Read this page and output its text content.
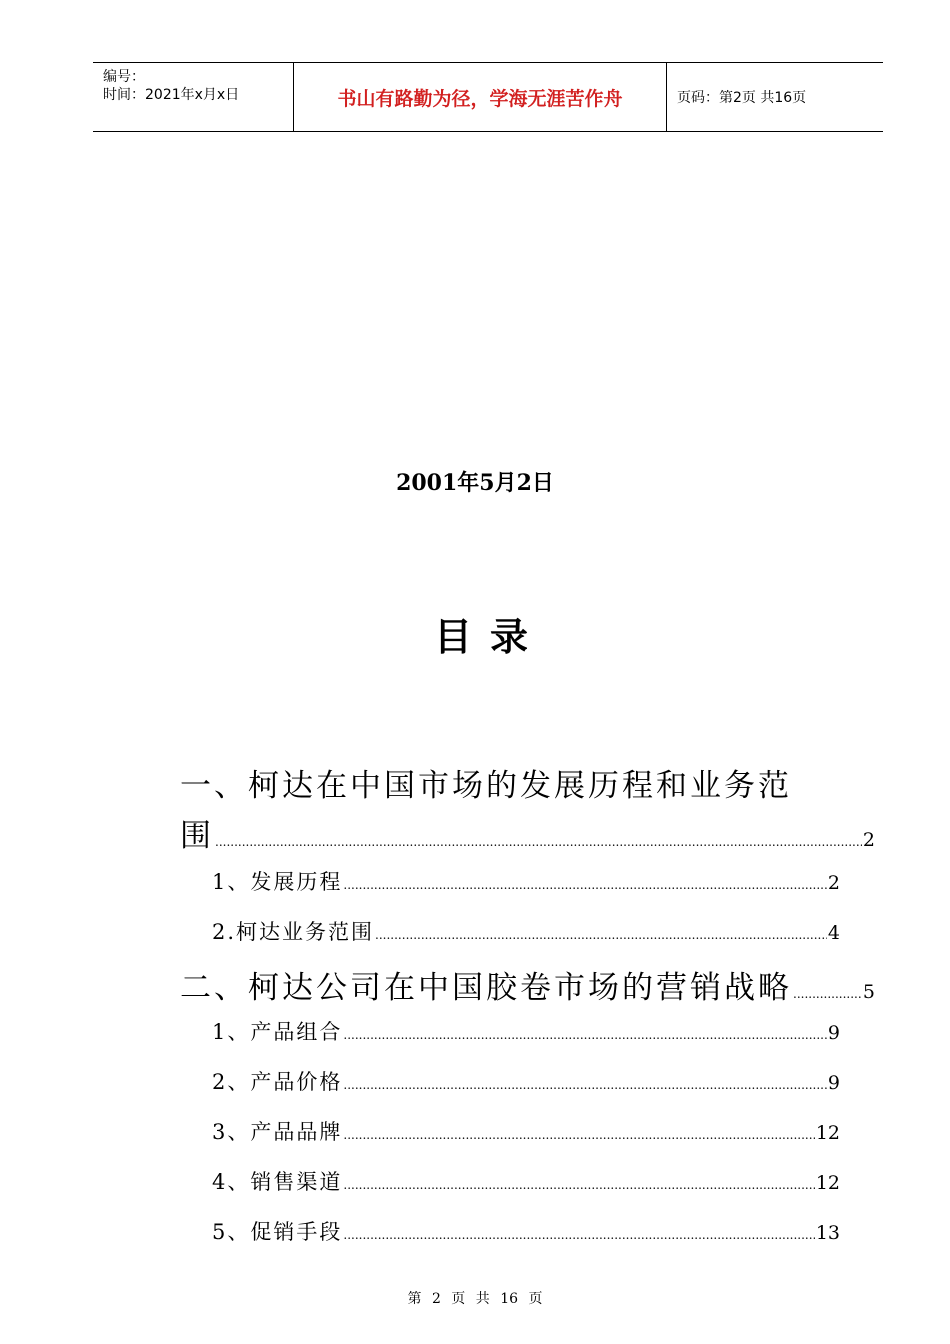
编号：
时间：2021年x月x日	书山有路勤为径，学海无涯苦作舟	页码：第2页 共16页
2001年5月2日
目录
一、柯达在中国市场的发展历程和业务范
围 .....	2
1、发展历程 .....	2
2.柯达业务范围 .....	4
二、柯达公司在中国胶卷市场的营销战略 .....	5
1、产品组合 .....	9
2、产品价格 .....	9
3、产品品牌 .....	12
4、销售渠道 .....	12
5、促销手段 .....	13
第 2 页 共 16 页
